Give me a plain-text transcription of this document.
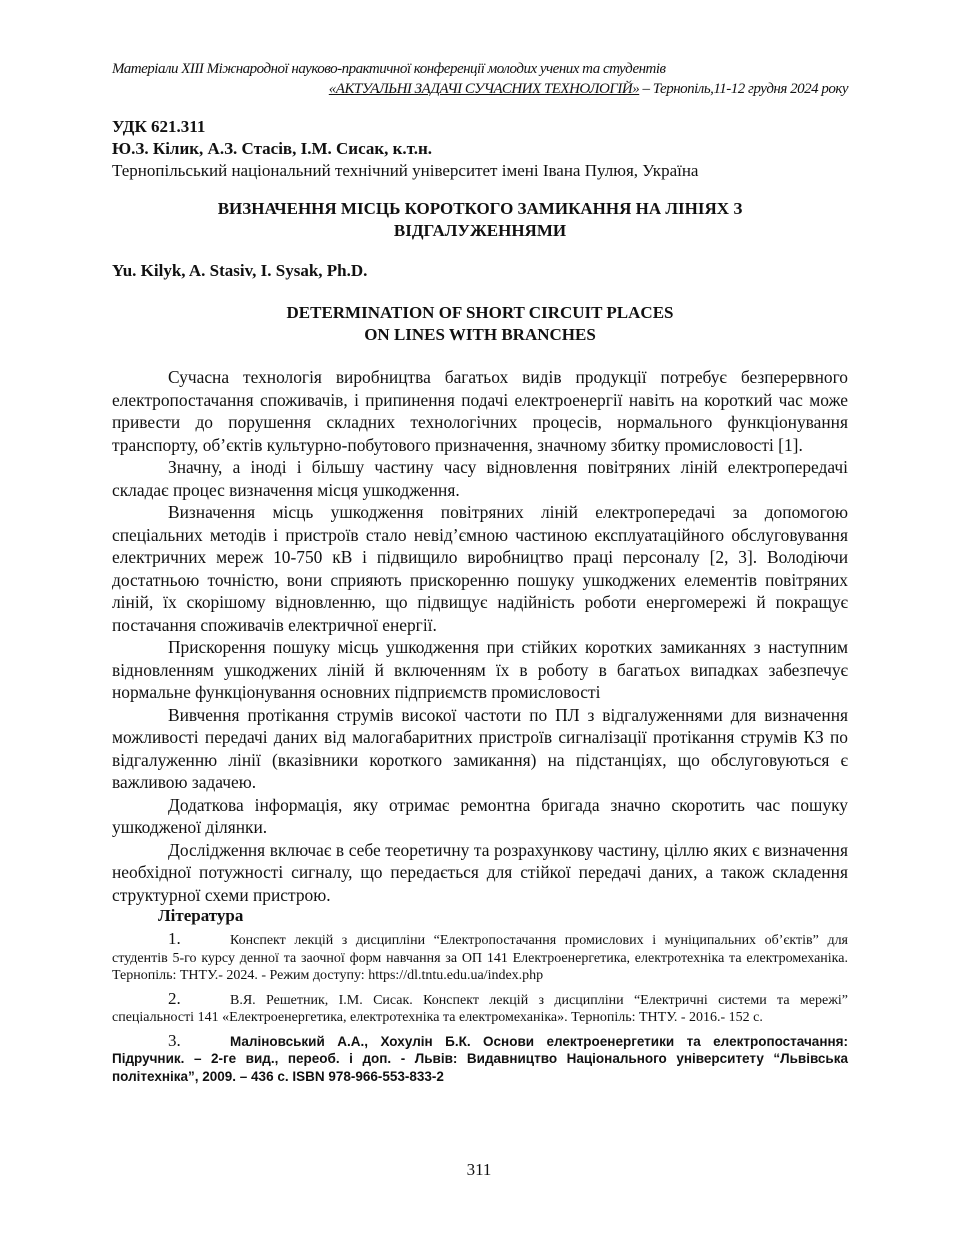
Матеріали XIII Міжнародної науково-практичної конференції молодих учених та студентів
«АКТУАЛЬНІ ЗАДАЧІ СУЧАСНИХ ТЕХНОЛОГІЙ» – Тернопіль,11-12 грудня 2024 року
УДК 621.311
Ю.З. Кілик, А.З. Стасів, І.М. Сисак, к.т.н.
Тернопільський національний технічний університет імені Івана Пулюя, Україна
ВИЗНАЧЕННЯ МІСЦЬ КОРОТКОГО ЗАМИКАННЯ НА ЛІНІЯХ З
ВІДГАЛУЖЕННЯМИ
Yu. Kilyk, A. Stasiv, I. Sysak, Ph.D.
DETERMINATION OF SHORT CIRCUIT PLACES
ON LINES WITH BRANCHES

Сучасна технологія виробництва багатьох видів продукції потребує безперервного електропостачання споживачів, і припинення подачі електроенергії навіть на короткий час може привести до порушення складних технологічних процесів, нормального функціонування транспорту, об’єктів культурно-побутового призначення, значному збитку промисловості [1].

Значну, а іноді і більшу частину часу відновлення повітряних ліній електропередачі складає процес визначення місця ушкодження.

Визначення місць ушкодження повітряних ліній електропередачі за допомогою спеціальних методів і пристроїв стало невід’ємною частиною експлуатаційного обслуговування електричних мереж 10-750 кВ і підвищило виробництво праці персоналу [2, 3]. Володіючи достатньою точністю, вони сприяють прискоренню пошуку ушкоджених елементів повітряних ліній, їх скорішому відновленню, що підвищує надійність роботи енергомережі й покращує постачання споживачів електричної енергії.

Прискорення пошуку місць ушкодження при стійких коротких замиканнях з наступним відновленням ушкоджених ліній й включенням їх в роботу в багатьох випадках забезпечує нормальне функціонування основних підприємств промисловості

Вивчення протікання струмів високої частоти по ПЛ з відгалуженнями для визначення можливості передачі даних від малогабаритних пристроїв сигналізації протікання струмів КЗ по відгалуженню лінії (вказівники короткого замикання) на підстанціях, що обслуговуються є важливою задачею.

Додаткова інформація, яку отримає ремонтна бригада значно скоротить час пошуку ушкодженої ділянки.

Дослідження включає в себе теоретичну та розрахункову частину, ціллю яких є визначення необхідної потужності сигналу, що передається для стійкої передачі даних, а також складення структурної схеми пристрою.

Література
1.	Конспект лекцій з дисципліни “Електропостачання промислових і муніципальних об’єктів” для студентів 5-го курсу денної та заочної форм навчання за ОП 141 Електроенергетика, електротехніка та електромеханіка. Тернопіль: ТНТУ.- 2024. - Режим доступу: https://dl.tntu.edu.ua/index.php
2.	В.Я. Решетник, І.М. Сисак. Конспект лекцій з дисципліни “Електричні системи та мережі” спеціальності 141 «Електроенергетика, електротехніка та електромеханіка». Тернопіль: ТНТУ. - 2016.- 152 с.
3.	Маліновський А.А., Хохулін Б.К. Основи електроенергетики та електропостачання: Підручник. – 2-ге вид., переоб. і доп. - Львів: Видавництво Національного університету “Львівська політехніка”, 2009. – 436 с. ISBN 978-966-553-833-2
311
